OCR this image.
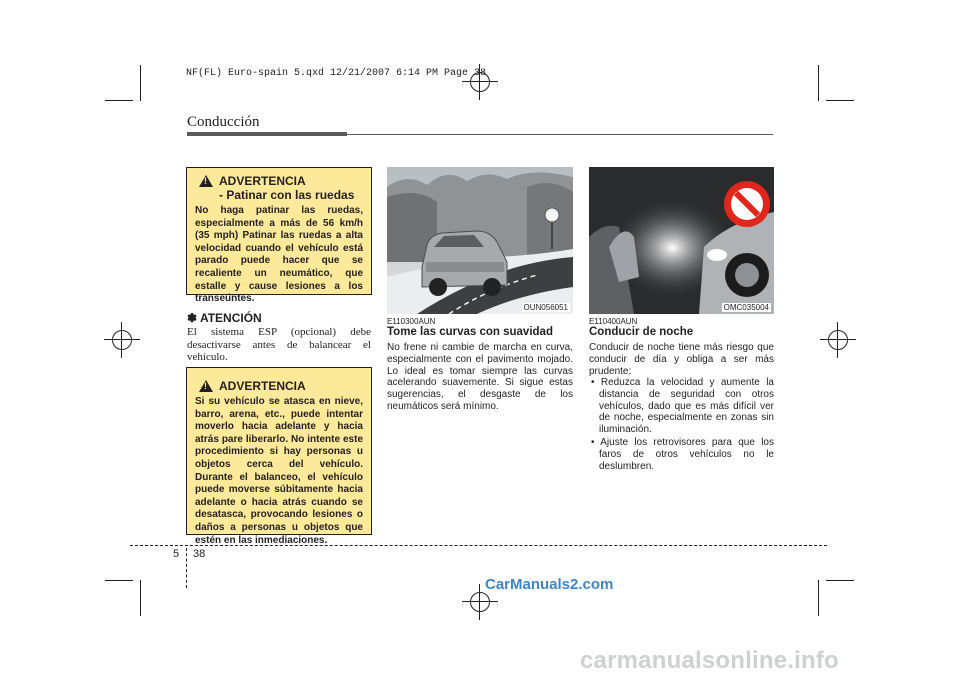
NF(FL) Euro-spain 5.qxd 12/21/2007 6:14 PM Page 38
Conducción
!
ADVERTENCIA
- Patinar con las ruedas
No haga patinar las ruedas, especialmente a más de 56 km/h (35 mph) Patinar las ruedas a alta velocidad cuando el vehículo está parado puede hacer que se recaliente un neumático, que estalle y cause lesiones a los transeúntes.
✽ ATENCIÓN
El sistema ESP (opcional) debe desactivarse antes de balancear el vehículo.
!
ADVERTENCIA
Si su vehículo se atasca en nieve, barro, arena, etc., puede intentar moverlo hacia adelante y hacia atrás pare liberarlo. No intente este procedimiento si hay personas u objetos cerca del vehículo. Durante el balanceo, el vehículo puede moverse súbitamente hacia adelante o hacia atrás cuando se desatasca, provocando lesiones o daños a personas u objetos que estén en las inmediaciones.
OUN056051
E110300AUN
Tome las curvas con suavidad
No frene ni cambie de marcha en curva, especialmente con el pavimento mojado. Lo ideal es tomar siempre las curvas acelerando suavemente. Si sigue estas sugerencias, el desgaste de los neumáticos será mínimo.
OMC035004
E110400AUN
Conducir de noche
Conducir de noche tiene más riesgo que conducir de día y obliga a ser más prudente:
• Reduzca la velocidad y aumente la distancia de seguridad con otros vehículos, dado que es más difícil ver de noche, especialmente en zonas sin iluminación.
• Ajuste los retrovisores para que los faros de otros vehículos no le deslumbren.
5 38
CarManuals2.com
carmanualsonline.info
